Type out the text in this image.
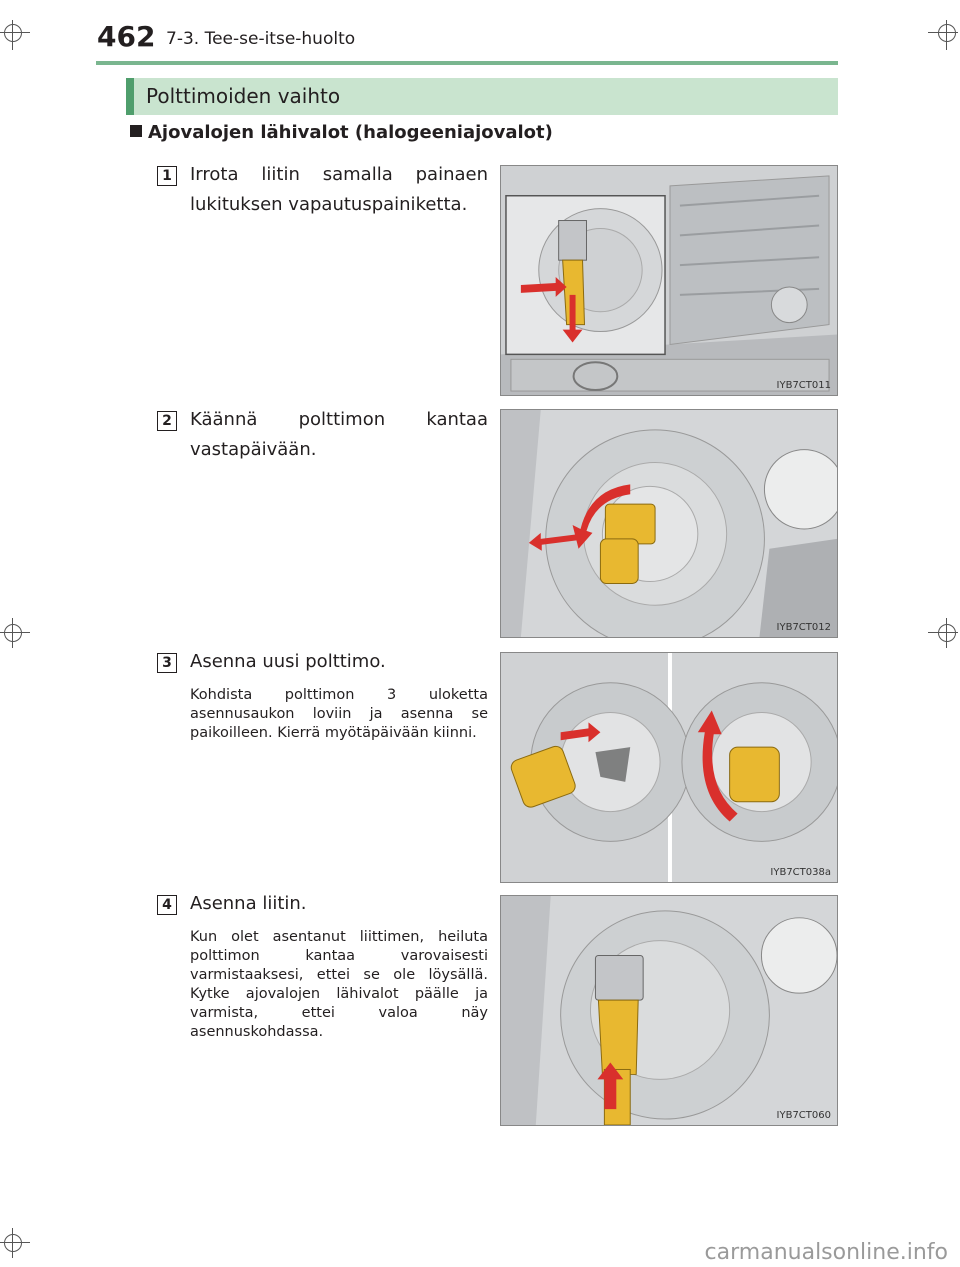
462 7-3. Tee-se-itse-huolto
Polttimoiden vaihto
Ajovalojen lähivalot (halogeeniajovalot)
1 Irrota liitin samalla painaen lukituksen vapautuspainiketta.
IYB7CT011
2 Käännä polttimon kantaa vastapäivään.
IYB7CT012
3 Asenna uusi polttimo.
Kohdista polttimon 3 uloketta asennusaukon loviin ja asenna se paikoilleen. Kierrä myötäpäivään kiinni.
IYB7CT038a
4 Asenna liitin.
Kun olet asentanut liittimen, heiluta polttimon kantaa varovaisesti varmistaaksesi, ettei se ole löysällä. Kytke ajovalojen lähivalot päälle ja varmista, ettei valoa näy asennuskohdassa.
IYB7CT060
carmanualsonline.info
